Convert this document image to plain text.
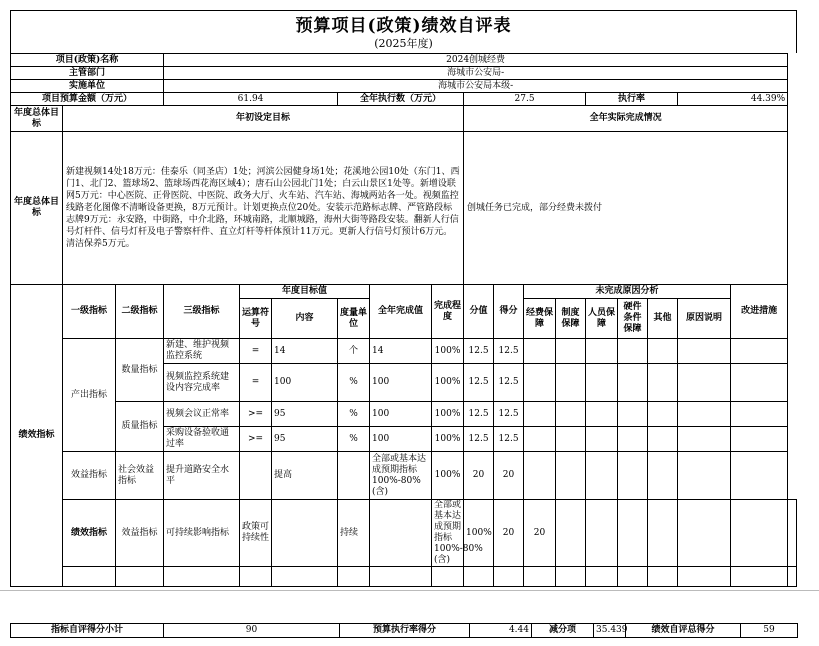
预算项目(政策)绩效自评表
(2025年度)
项目(政策)名称			2024创城经费															
主管部门			海城市公安局-															
实施单位			海城市公安局本级-															
项目预算金额（万元）			61.94			全年执行数（万元）			27.5				执行率			44.39%		
年度总体目标	年初设定目标								全年实际完成情况									
年度总体目标	新建视频14处18万元：佳泰乐（同圣店）1处；河滨公园健身场1处；花溪地公园10处（东门1、西门1、北门2、篮球场2、篮球场西花海区域4）；唐石山公园北门1处；白云山景区1处等。新增设联网5万元：中心医院、正骨医院、中医院、政务大厅、火车站、汽车站、海城两站各一处。视频监控线路老化图像不清晰设备更换，8万元预计。计划更换点位20处。安装示范路标志牌、严管路段标志牌9万元：永安路，中街路，中介北路，环城南路，北顺城路，海州大街等路段安装。翻新人行信号灯杆件、信号灯杆及电子警察杆件、直立灯杆等杆体预计11万元。更新人行信号灯预计6万元。清洁保养5万元。								创城任务已完成，部分经费未拨付									
绩效指标	一级指标	二级指标	三级指标	年度目标值			全年完成值	完成程度	分值	得分	未完成原因分析						改进措施	
				运算符号	内容	度量单位					经费保障	制度保障	人员保障	硬件条件保障	其他	原因说明		
	产出指标	数量指标	新建、维护视频监控系统	=	14	个	14	100%	12.5	12.5								
			视频监控系统建设内容完成率	=	100	%	100	100%	12.5	12.5								
		质量指标	视频会议正常率	>=	95	%	100	100%	12.5	12.5								
			采购设备验收通过率	>=	95	%	100	100%	12.5	12.5								
	效益指标	社会效益指标	提升道路安全水平		提高		全部或基本达成预期指标100%-80%(含)	100%	20	20								
	绩效指标	效益指标	可持续影响指标	政策可持续性		持续		全部或基本达成预期指标100%-80%(含)	100%	20	20							

指标自评得分小计	90	预算执行率得分	4.44	减分项	35.439	绩效自评总得分	59
